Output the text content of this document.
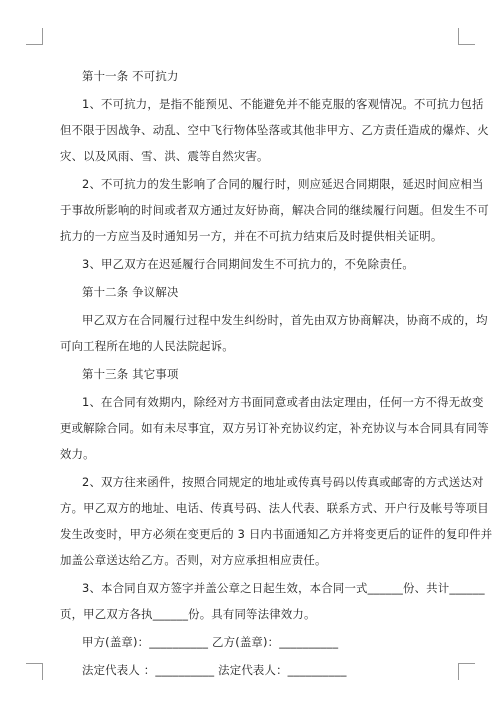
第十一条 不可抗力
1、不可抗力，是指不能预见、不能避免并不能克服的客观情况。不可抗力包括
但不限于因战争、动乱、空中飞行物体坠落或其他非甲方、乙方责任造成的爆炸、火
灾、以及风雨、雪、洪、震等自然灾害。
2、不可抗力的发生影响了合同的履行时，则应延迟合同期限，延迟时间应相当
于事故所影响的时间或者双方通过友好协商，解决合同的继续履行问题。但发生不可
抗力的一方应当及时通知另一方，并在不可抗力结束后及时提供相关证明。
3、甲乙双方在迟延履行合同期间发生不可抗力的，不免除责任。
第十二条 争议解决
甲乙双方在合同履行过程中发生纠纷时，首先由双方协商解决，协商不成的，均
可向工程所在地的人民法院起诉。
第十三条 其它事项
1、在合同有效期内，除经对方书面同意或者由法定理由，任何一方不得无故变
更或解除合同。如有未尽事宜，双方另订补充协议约定，补充协议与本合同具有同等
效力。
2、双方往来函件，按照合同规定的地址或传真号码以传真或邮寄的方式送达对
方。甲乙双方的地址、电话、传真号码、法人代表、联系方式、开户行及帐号等项目
发生改变时，甲方必须在变更后的 3 日内书面通知乙方并将变更后的证件的复印件并
加盖公章送达给乙方。否则，对方应承担相应责任。
3、本合同自双方签字并盖公章之日起生效，本合同一式______份、共计______
页，甲乙双方各执______份。具有同等法律效力。
甲方(盖章)：__________ 乙方(盖章)：__________
法定代表人 ：__________ 法定代表人：__________
